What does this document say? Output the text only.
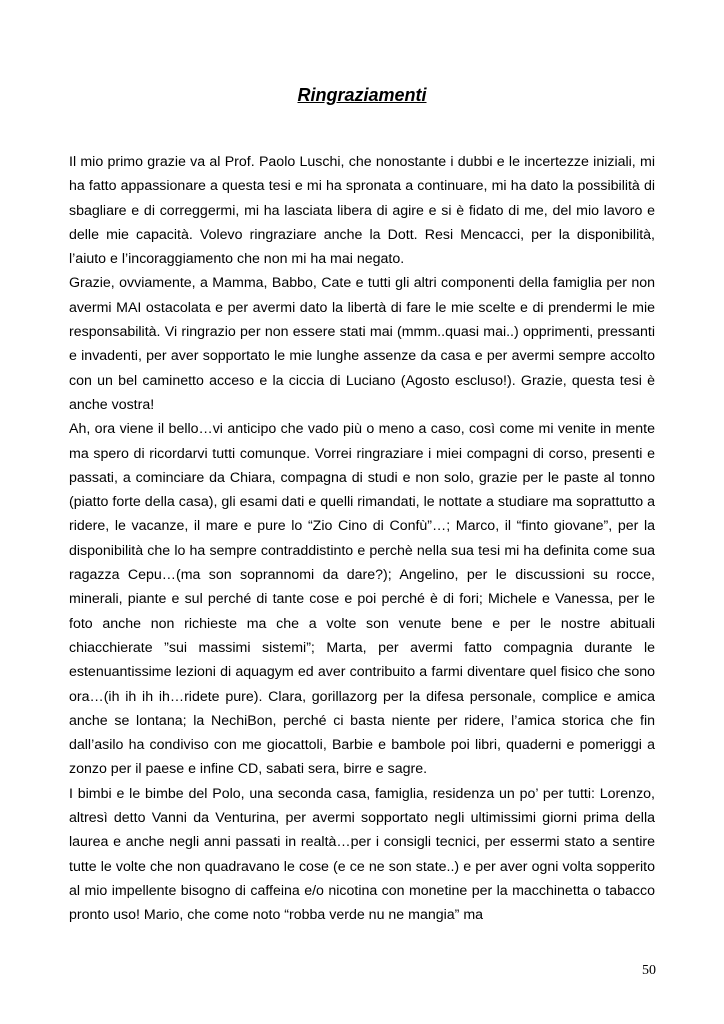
Ringraziamenti

Il mio primo grazie va al Prof. Paolo Luschi, che nonostante i dubbi e le incertezze iniziali, mi ha fatto appassionare a questa tesi e mi ha spronata a continuare, mi ha dato la possibilità di sbagliare e di correggermi, mi ha lasciata libera di agire e si è fidato di me, del mio lavoro e delle mie capacità. Volevo ringraziare anche la Dott. Resi Mencacci, per la disponibilità, l’aiuto e l’incoraggiamento che non mi ha mai negato.

Grazie, ovviamente, a Mamma, Babbo, Cate e tutti gli altri componenti della famiglia per non avermi MAI ostacolata e per avermi dato la libertà di fare le mie scelte e di prendermi le mie responsabilità. Vi ringrazio per non essere stati mai (mmm..quasi mai..) opprimenti, pressanti e invadenti, per aver sopportato le mie lunghe assenze da casa e per avermi sempre accolto con un bel caminetto acceso e la ciccia di Luciano (Agosto escluso!). Grazie, questa tesi è anche vostra!

Ah, ora viene il bello…vi anticipo che vado più o meno a caso, così come mi venite in mente ma spero di ricordarvi tutti comunque. Vorrei ringraziare i miei compagni di corso, presenti e passati, a cominciare da Chiara, compagna di studi e non solo, grazie per le paste al tonno (piatto forte della casa), gli esami dati e quelli rimandati, le nottate a studiare ma soprattutto a ridere, le vacanze, il mare e pure lo “Zio Cino di Confù”…; Marco, il “finto giovane”, per la disponibilità che lo ha sempre contraddistinto e perchè nella sua tesi mi ha definita come sua ragazza Cepu…(ma son soprannomi da dare?); Angelino, per le discussioni su rocce, minerali, piante e sul perché di tante cose e poi perché è di fori; Michele e Vanessa, per le foto anche non richieste ma che a volte son venute bene e per le nostre abituali chiacchierate ”sui massimi sistemi”; Marta, per avermi fatto compagnia durante le estenuantissime lezioni di aquagym ed aver contribuito a farmi diventare quel fisico che sono ora…(ih ih ih ih…ridete pure). Clara, gorillazorg per la difesa personale, complice e amica anche se lontana; la NechiBon, perché ci basta niente per ridere, l’amica storica che fin dall’asilo ha condiviso con me giocattoli, Barbie e bambole poi libri, quaderni e pomeriggi a zonzo per il paese e infine CD, sabati sera, birre e sagre.

I bimbi e le bimbe del Polo, una seconda casa, famiglia, residenza un po’ per tutti: Lorenzo, altresì detto Vanni da Venturina, per avermi sopportato negli ultimissimi giorni prima della laurea e anche negli anni passati in realtà…per i consigli tecnici, per essermi stato a sentire tutte le volte che non quadravano le cose (e ce ne son state..) e per aver ogni volta sopperito al mio impellente bisogno di caffeina e/o nicotina con monetine per la macchinetta o tabacco pronto uso! Mario, che come noto “robba verde nu ne mangia” ma

50
